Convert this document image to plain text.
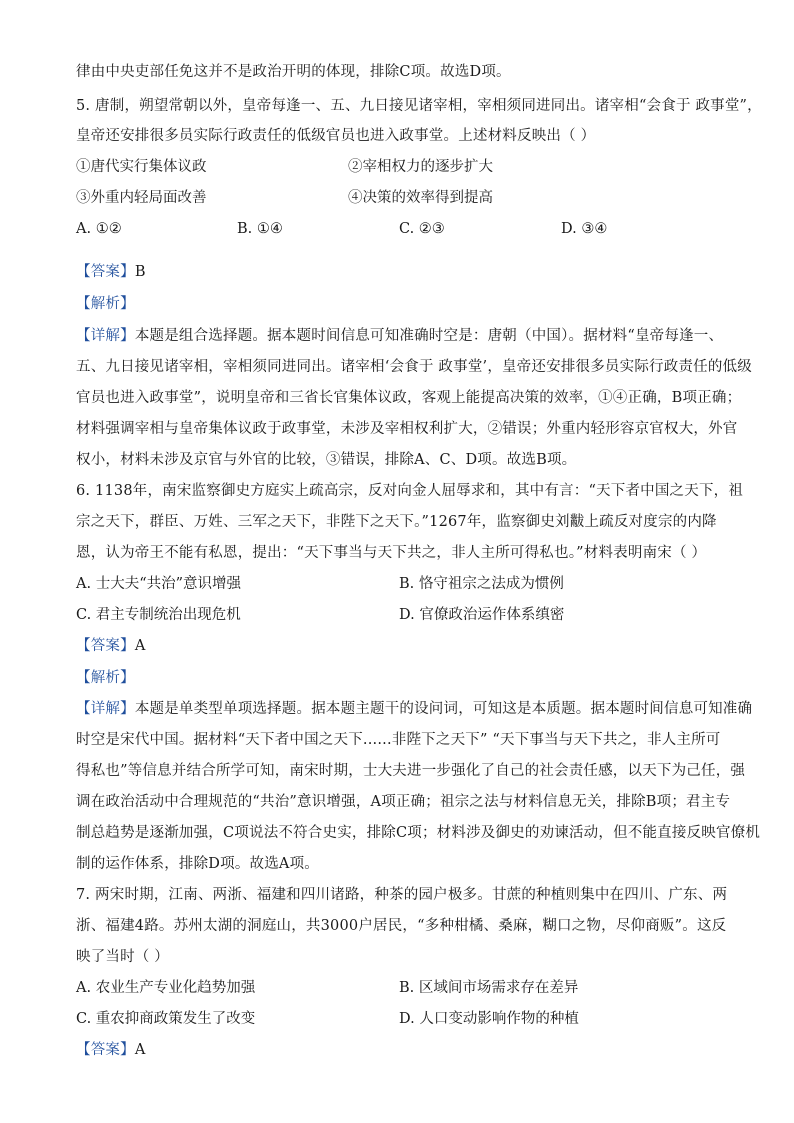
律由中央吏部任免这并不是政治开明的体现，排除C项。故选D项。
5. 唐制，朔望常朝以外，皇帝每逢一、五、九日接见诸宰相，宰相须同进同出。诸宰相“会食于 政事堂”，
皇帝还安排很多员实际行政责任的低级官员也进入政事堂。上述材料反映出（ ）
①唐代实行集体议政	②宰相权力的逐步扩大
③外重内轻局面改善	④决策的效率得到提高
A. ①②	B. ①④	C. ②③	D. ③④
【答案】B
【解析】
【详解】本题是组合选择题。据本题时间信息可知准确时空是：唐朝（中国）。据材料“皇帝每逢一、
五、九日接见诸宰相，宰相须同进同出。诸宰相‘会食于 政事堂’，皇帝还安排很多员实际行政责任的低级
官员也进入政事堂”，说明皇帝和三省长官集体议政，客观上能提高决策的效率，①④正确，B项正确；
材料强调宰相与皇帝集体议政于政事堂，未涉及宰相权利扩大，②错误；外重内轻形容京官权大，外官
权小，材料未涉及京官与外官的比较，③错误，排除A、C、D项。故选B项。
6. 1138年，南宋监察御史方庭实上疏高宗，反对向金人屈辱求和，其中有言：“天下者中国之天下，祖
宗之天下，群臣、万姓、三军之天下，非陛下之天下。”1267年，监察御史刘黻上疏反对度宗的内降
恩，认为帝王不能有私恩，提出：“天下事当与天下共之，非人主所可得私也。”材料表明南宋（ ）
A. 士大夫“共治”意识增强	B. 恪守祖宗之法成为惯例
C. 君主专制统治出现危机	D. 官僚政治运作体系缜密
【答案】A
【解析】
【详解】本题是单类型单项选择题。据本题主题干的设问词，可知这是本质题。据本题时间信息可知准确
时空是宋代中国。据材料“天下者中国之天下......非陛下之天下” “天下事当与天下共之，非人主所可
得私也”等信息并结合所学可知，南宋时期，士大夫进一步强化了自己的社会责任感，以天下为己任，强
调在政治活动中合理规范的“共治”意识增强，A项正确；祖宗之法与材料信息无关，排除B项；君主专
制总趋势是逐渐加强，C项说法不符合史实，排除C项；材料涉及御史的劝谏活动，但不能直接反映官僚机
制的运作体系，排除D项。故选A项。
7. 两宋时期，江南、两浙、福建和四川诸路，种茶的园户极多。甘蔗的种植则集中在四川、广东、两
浙、福建4路。苏州太湖的洞庭山，共3000户居民，“多种柑橘、桑麻，糊口之物，尽仰商贩”。这反
映了当时（ ）
A. 农业生产专业化趋势加强	B. 区域间市场需求存在差异
C. 重农抑商政策发生了改变	D. 人口变动影响作物的种植
【答案】A
